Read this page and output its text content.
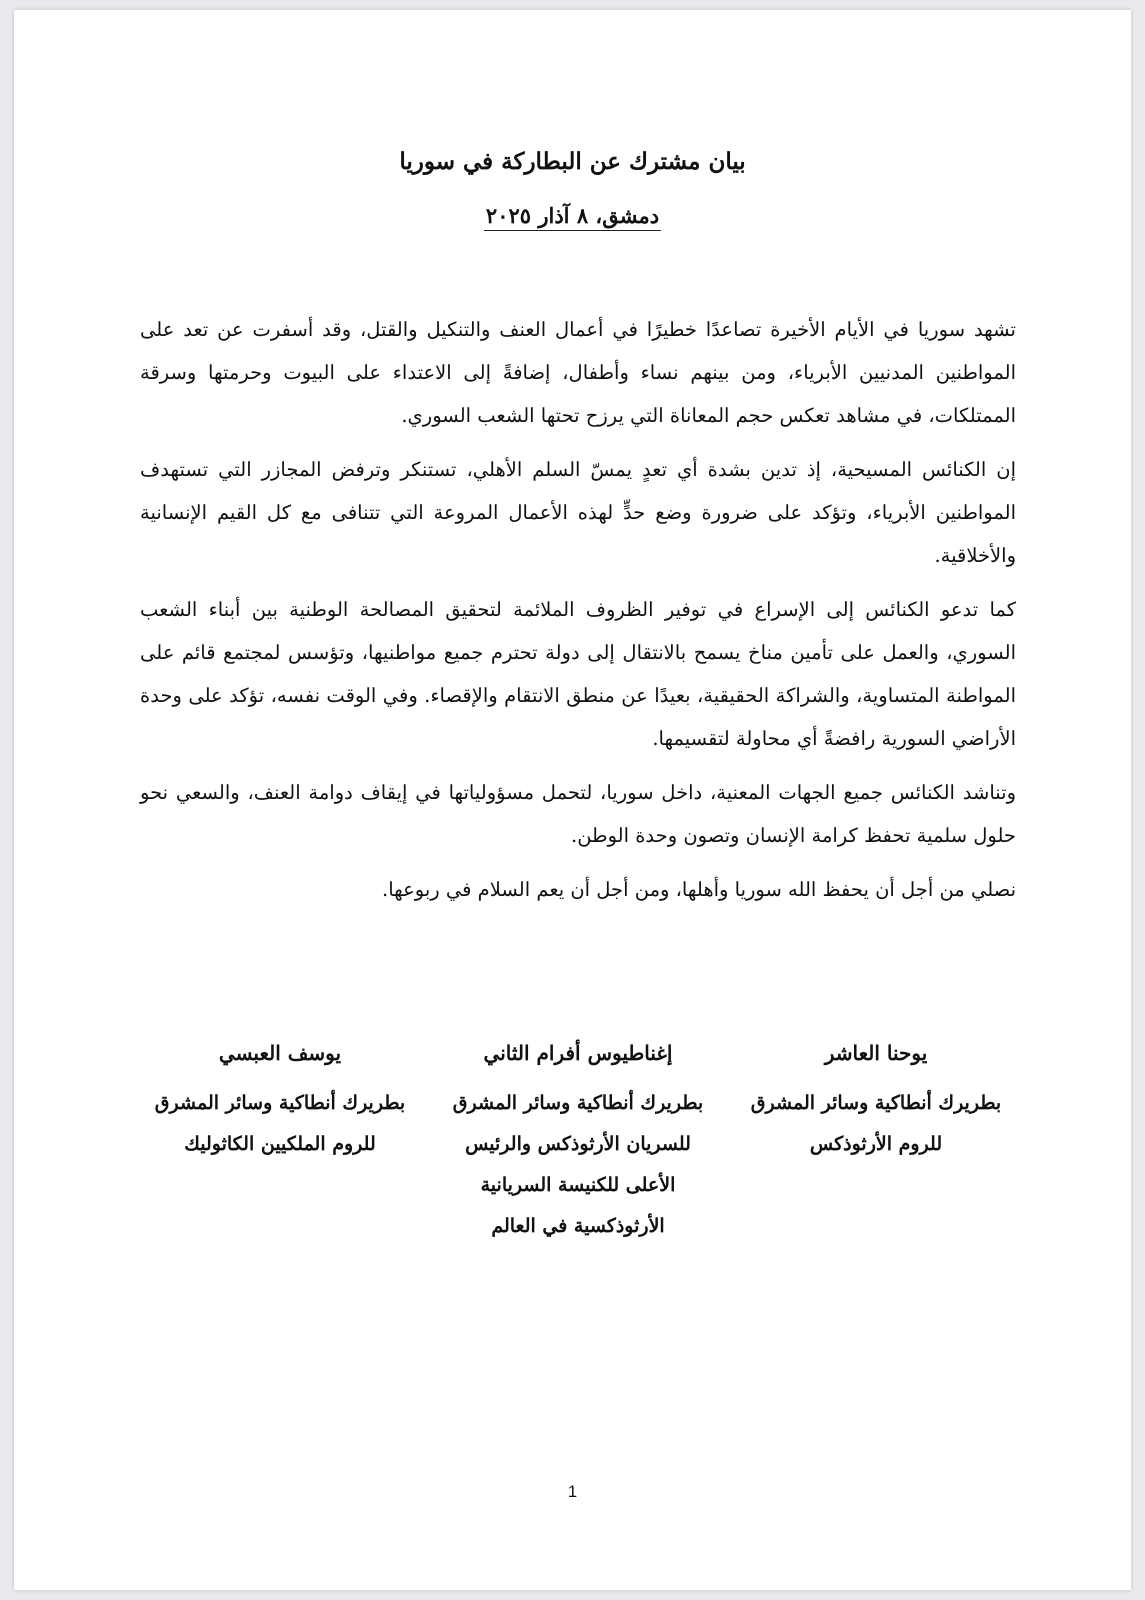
بيان مشترك عن البطاركة في سوريا
دمشق، ٨ آذار ٢٠٢٥

تشهد سوريا في الأيام الأخيرة تصاعدًا خطيرًا في أعمال العنف والتنكيل والقتل، وقد أسفرت عن تعد على المواطنين المدنيين الأبرياء، ومن بينهم نساء وأطفال، إضافةً إلى الاعتداء على البيوت وحرمتها وسرقة الممتلكات، في مشاهد تعكس حجم المعاناة التي يرزح تحتها الشعب السوري.

إن الكنائس المسيحية، إذ تدين بشدة أي تعدٍ يمسّ السلم الأهلي، تستنكر وترفض المجازر التي تستهدف المواطنين الأبرياء، وتؤكد على ضرورة وضع حدٍّ لهذه الأعمال المروعة التي تتنافى مع كل القيم الإنسانية والأخلاقية.

كما تدعو الكنائس إلى الإسراع في توفير الظروف الملائمة لتحقيق المصالحة الوطنية بين أبناء الشعب السوري، والعمل على تأمين مناخ يسمح بالانتقال إلى دولة تحترم جميع مواطنيها، وتؤسس لمجتمع قائم على المواطنة المتساوية، والشراكة الحقيقية، بعيدًا عن منطق الانتقام والإقصاء. وفي الوقت نفسه، تؤكد على وحدة الأراضي السورية رافضةً أي محاولة لتقسيمها.

وتناشد الكنائس جميع الجهات المعنية، داخل سوريا، لتحمل مسؤولياتها في إيقاف دوامة العنف، والسعي نحو حلول سلمية تحفظ كرامة الإنسان وتصون وحدة الوطن.

نصلي من أجل أن يحفظ الله سوريا وأهلها، ومن أجل أن يعم السلام في ربوعها.

يوحنا العاشر
بطريرك أنطاكية وسائر المشرق
للروم الأرثوذكس
إغناطيوس أفرام الثاني
بطريرك أنطاكية وسائر المشرق
للسريان الأرثوذكس والرئيس
الأعلى للكنيسة السريانية
الأرثوذكسية في العالم
يوسف العبسي
بطريرك أنطاكية وسائر المشرق
للروم الملكيين الكاثوليك
1
